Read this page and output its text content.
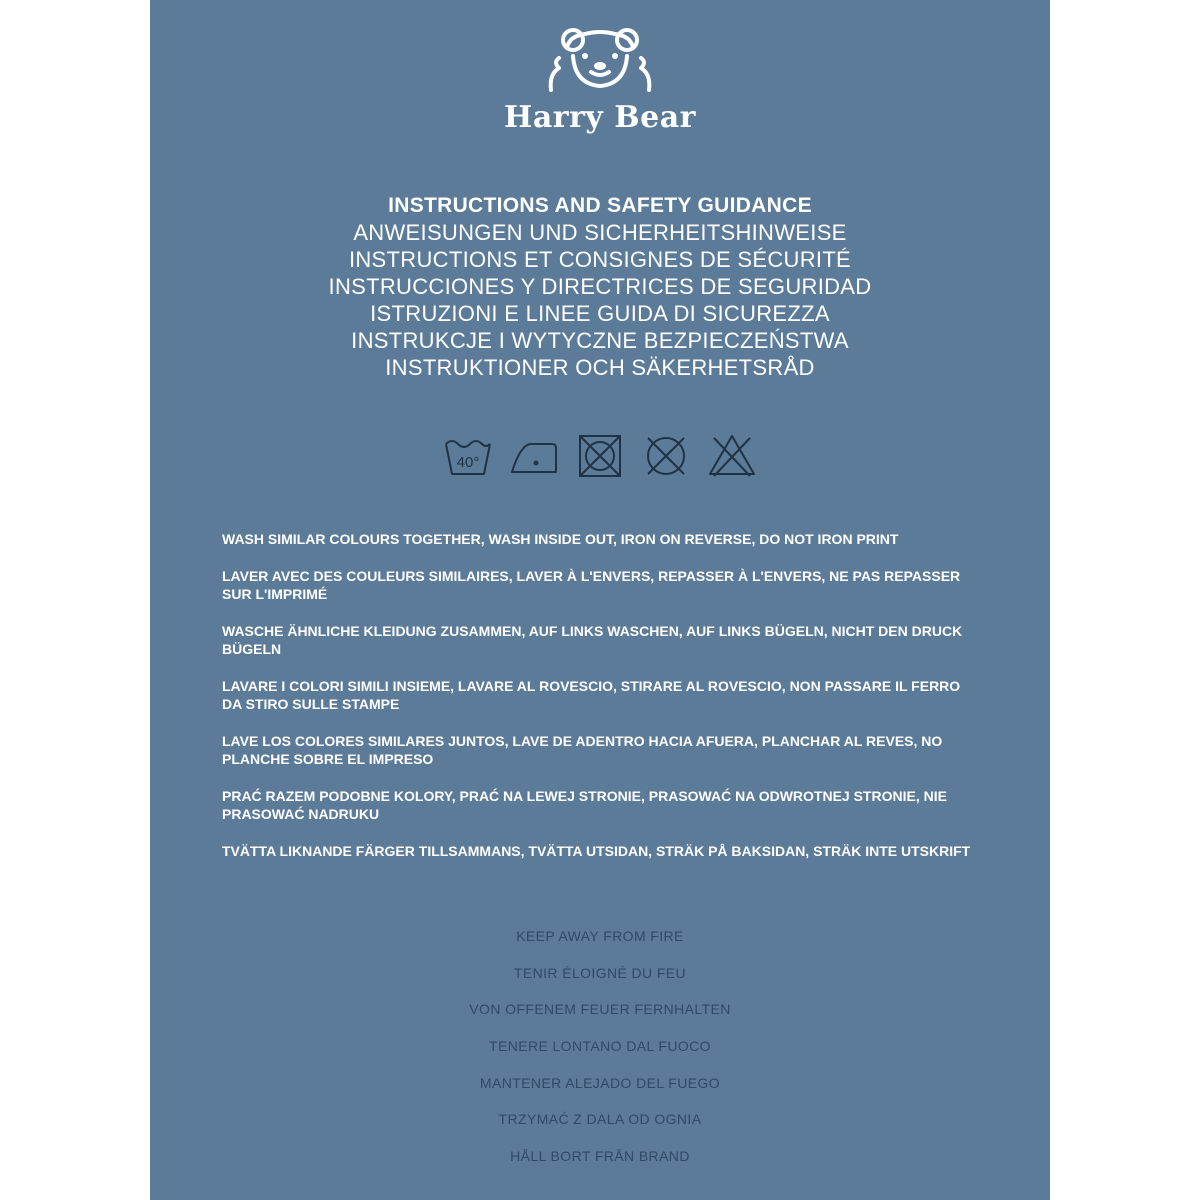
Harry Bear
INSTRUCTIONS AND SAFETY GUIDANCE
ANWEISUNGEN UND SICHERHEITSHINWEISE
INSTRUCTIONS ET CONSIGNES DE SÉCURITÉ
INSTRUCCIONES Y DIRECTRICES DE SEGURIDAD
ISTRUZIONI E LINEE GUIDA DI SICUREZZA
INSTRUKCJE I WYTYCZNE BEZPIECZEŃSTWA
INSTRUKTIONER OCH SÄKERHETSRÅD
40°

WASH SIMILAR COLOURS TOGETHER, WASH INSIDE OUT, IRON ON REVERSE, DO NOT IRON PRINT

LAVER AVEC DES COULEURS SIMILAIRES, LAVER À L'ENVERS, REPASSER À L'ENVERS, NE PAS REPASSER SUR L'IMPRIMÉ

WASCHE ÄHNLICHE KLEIDUNG ZUSAMMEN, AUF LINKS WASCHEN, AUF LINKS BÜGELN, NICHT DEN DRUCK BÜGELN

LAVARE I COLORI SIMILI INSIEME, LAVARE AL ROVESCIO, STIRARE AL ROVESCIO, NON PASSARE IL FERRO DA STIRO SULLE STAMPE

LAVE LOS COLORES SIMILARES JUNTOS, LAVE DE ADENTRO HACIA AFUERA, PLANCHAR AL REVES, NO PLANCHE SOBRE EL IMPRESO

PRAĆ RAZEM PODOBNE KOLORY, PRAĆ NA LEWEJ STRONIE, PRASOWAĆ NA ODWROTNEJ STRONIE, NIE PRASOWAĆ NADRUKU

TVÄTTA LIKNANDE FÄRGER TILLSAMMANS, TVÄTTA UTSIDAN, STRÄK PÅ BAKSIDAN, STRÄK INTE UTSKRIFT

KEEP AWAY FROM FIRE
TENIR ÉLOIGNÉ DU FEU
VON OFFENEM FEUER FERNHALTEN
TENERE LONTANO DAL FUOCO
MANTENER ALEJADO DEL FUEGO
TRZYMAĆ Z DALA OD OGNIA
HÅLL BORT FRÅN BRAND
